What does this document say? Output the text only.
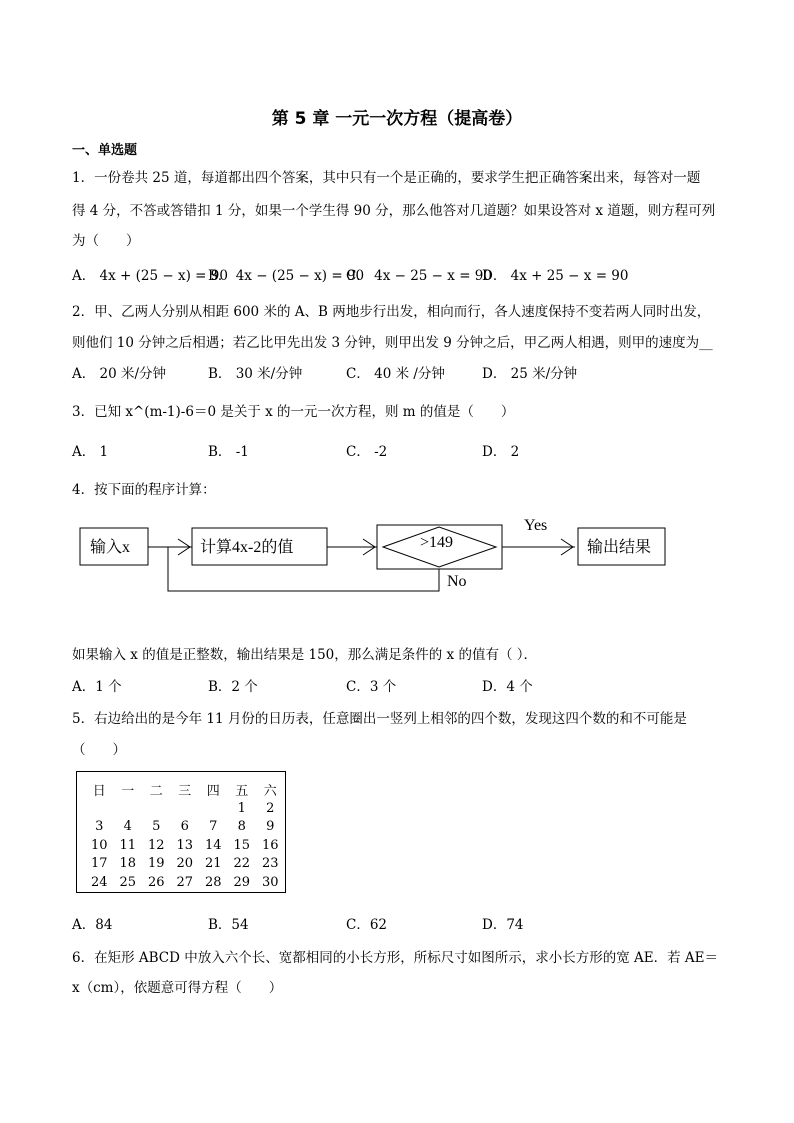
第 5 章 一元一次方程（提高卷）
一、单选题
1．一份卷共 25 道，每道都出四个答案，其中只有一个是正确的，要求学生把正确答案出来，每答对一题
得 4 分，不答或答错扣 1 分，如果一个学生得 90 分，那么他答对几道题？如果设答对 x 道题，则方程可列
为（　　）
A． 4x + (25 − x) = 90
B． 4x − (25 − x) = 90
C． 4x − 25 − x = 90
D． 4x + 25 − x = 90
2．甲、乙两人分别从相距 600 米的 A、B 两地步行出发，相向而行，各人速度保持不变若两人同时出发，
则他们 10 分钟之后相遇；若乙比甲先出发 3 分钟，则甲出发 9 分钟之后，甲乙两人相遇，则甲的速度为__
A． 20 米/分钟	B． 30 米/分钟	C． 40 米 /分钟	D． 25 米/分钟
3．已知 x^(m-1)-6＝0 是关于 x 的一元一次方程，则 m 的值是（　　）
A． 1	B． -1	C． -2	D． 2
4．按下面的程序计算：
输入x	计算4x-2的值	>149
Yes
输出结果
No
如果输入 x 的值是正整数，输出结果是 150，那么满足条件的 x 的值有（ ）．
A．1 个	B．2 个	C．3 个	D．4 个
5．右边给出的是今年 11 月份的日历表，任意圈出一竖列上相邻的四个数，发现这四个数的和不可能是
（　　）
日	一	二	三	四	五	六
					1	2
3	4	5	6	7	8	9
10	11	12	13	14	15	16
17	18	19	20	21	22	23
24	25	26	27	28	29	30
A．84	B．54	C．62	D．74
6．在矩形 ABCD 中放入六个长、宽都相同的小长方形，所标尺寸如图所示，求小长方形的宽 AE．若 AE＝
x（cm），依题意可得方程（　　）
